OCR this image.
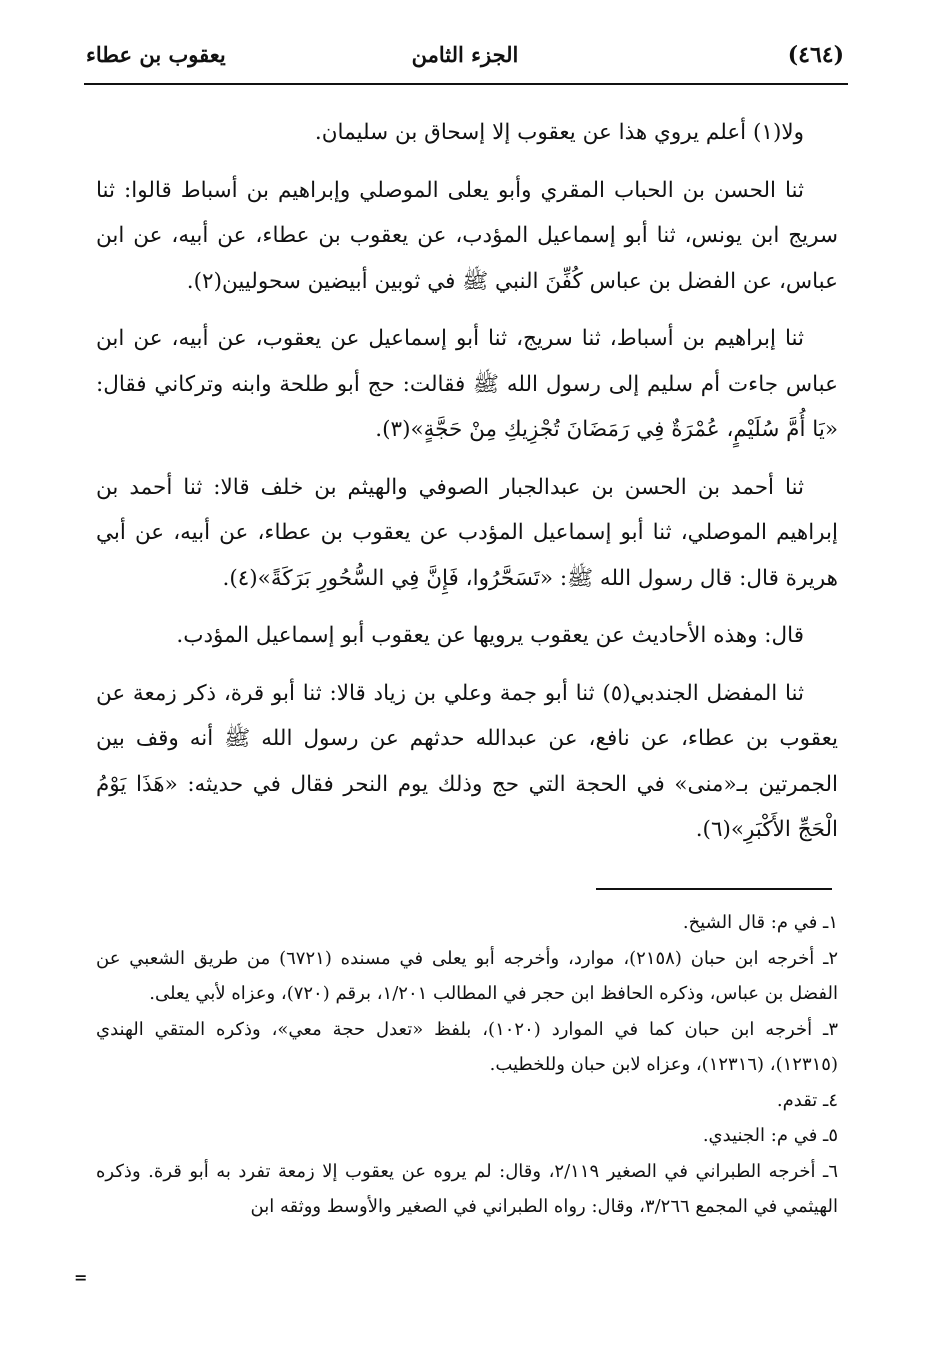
(٤٦٤)
الجزء الثامن
يعقوب بن عطاء

ولا(١) أعلم يروي هذا عن يعقوب إلا إسحاق بن سليمان.

ثنا الحسن بن الحباب المقري وأبو يعلى الموصلي وإبراهيم بن أسباط قالوا: ثنا سريج ابن يونس، ثنا أبو إسماعيل المؤدب، عن يعقوب بن عطاء، عن أبيه، عن ابن عباس، عن الفضل بن عباس كُفِّنَ النبي ﷺ في ثوبين أبيضين سحوليين(٢).

ثنا إبراهيم بن أسباط، ثنا سريج، ثنا أبو إسماعيل عن يعقوب، عن أبيه، عن ابن عباس جاءت أم سليم إلى رسول الله ﷺ فقالت: حج أبو طلحة وابنه وتركاني فقال: «يَا أُمَّ سُلَيْمٍ، عُمْرَةٌ فِي رَمَضَانَ تُجْزِيكِ مِنْ حَجَّةٍ»(٣).

ثنا أحمد بن الحسن بن عبدالجبار الصوفي والهيثم بن خلف قالا: ثنا أحمد بن إبراهيم الموصلي، ثنا أبو إسماعيل المؤدب عن يعقوب بن عطاء، عن أبيه، عن أبي هريرة قال: قال رسول الله ﷺ: «تَسَحَّرُوا، فَإِنَّ فِي السُّحُورِ بَرَكَةً»(٤).

قال: وهذه الأحاديث عن يعقوب يرويها عن يعقوب أبو إسماعيل المؤدب.

ثنا المفضل الجندبي(٥) ثنا أبو جمة وعلي بن زياد قالا: ثنا أبو قرة، ذكر زمعة عن يعقوب بن عطاء، عن نافع، عن عبدالله حدثهم عن رسول الله ﷺ أنه وقف بين الجمرتين بـ«منى» في الحجة التي حج وذلك يوم النحر فقال في حديثه: «هَذَا يَوْمُ الْحَجِّ الأَكْبَرِ»(٦).

١ـ في م: قال الشيخ.

٢ـ أخرجه ابن حبان (٢١٥٨)، موارد، وأخرجه أبو يعلى في مسنده (٦٧٢١) من طريق الشعبي عن الفضل بن عباس، وذكره الحافظ ابن حجر في المطالب ١/٢٠١، برقم (٧٢٠)، وعزاه لأبي يعلى.

٣ـ أخرجه ابن حبان كما في الموارد (١٠٢٠)، بلفظ «تعدل حجة معي»، وذكره المتقي الهندي (١٢٣١٥)، (١٢٣١٦)، وعزاه لابن حبان وللخطيب.

٤ـ تقدم.

٥ـ في م: الجنيدي.

٦ـ أخرجه الطبراني في الصغير ٢/١١٩، وقال: لم يروه عن يعقوب إلا زمعة تفرد به أبو قرة. وذكره الهيثمي في المجمع ٣/٢٦٦، وقال: رواه الطبراني في الصغير والأوسط ووثقه ابن

=
